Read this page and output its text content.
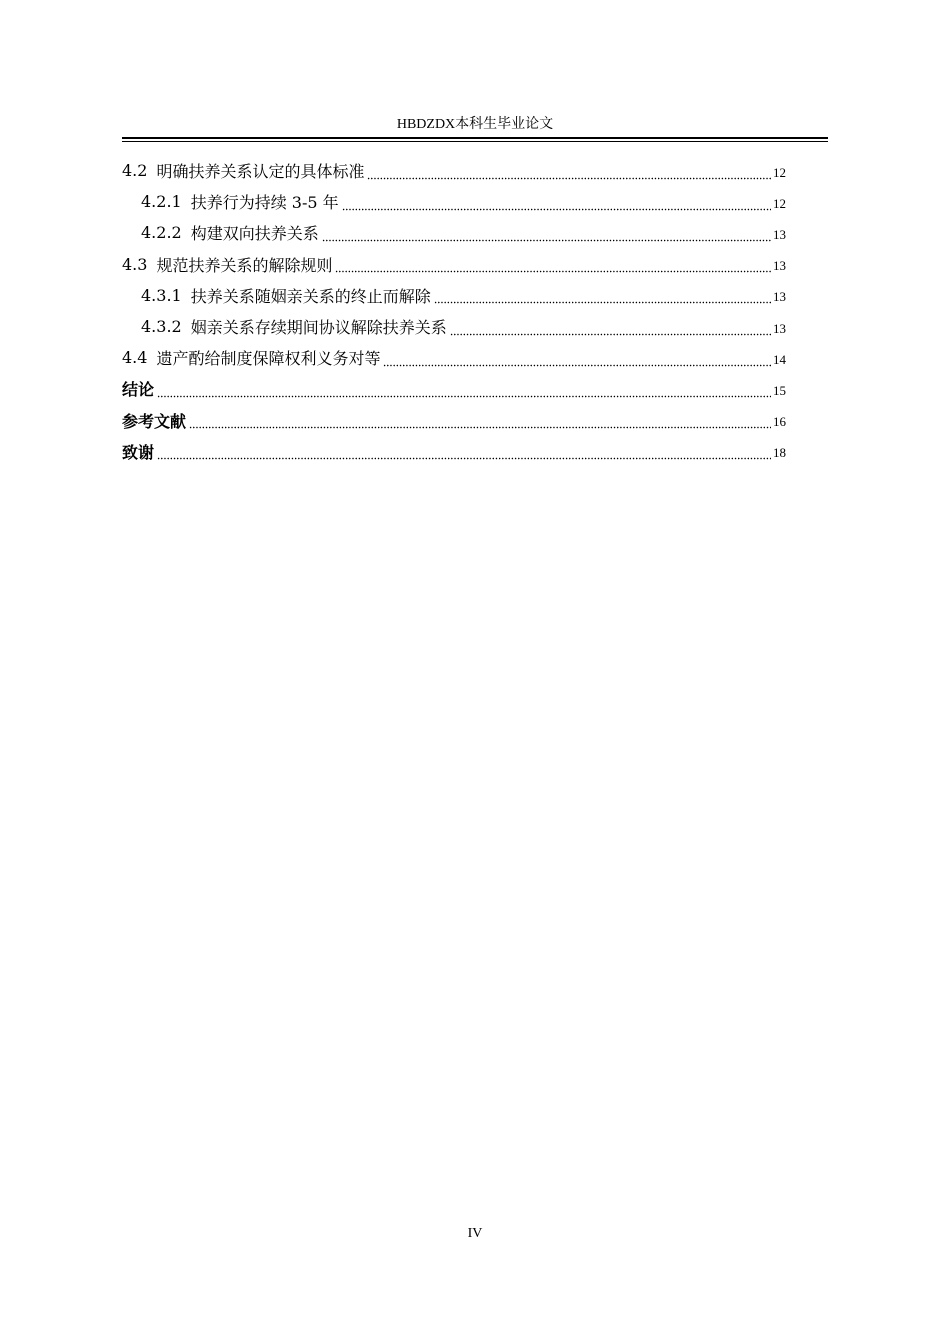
HBDZDX本科生毕业论文
4.2 明确扶养关系认定的具体标准	12
4.2.1 扶养行为持续 3-5 年	12
4.2.2 构建双向扶养关系	13
4.3 规范扶养关系的解除规则	13
4.3.1 扶养关系随姻亲关系的终止而解除	13
4.3.2 姻亲关系存续期间协议解除扶养关系	13
4.4 遗产酌给制度保障权利义务对等	14
结论	15
参考文献	16
致谢	18
IV
